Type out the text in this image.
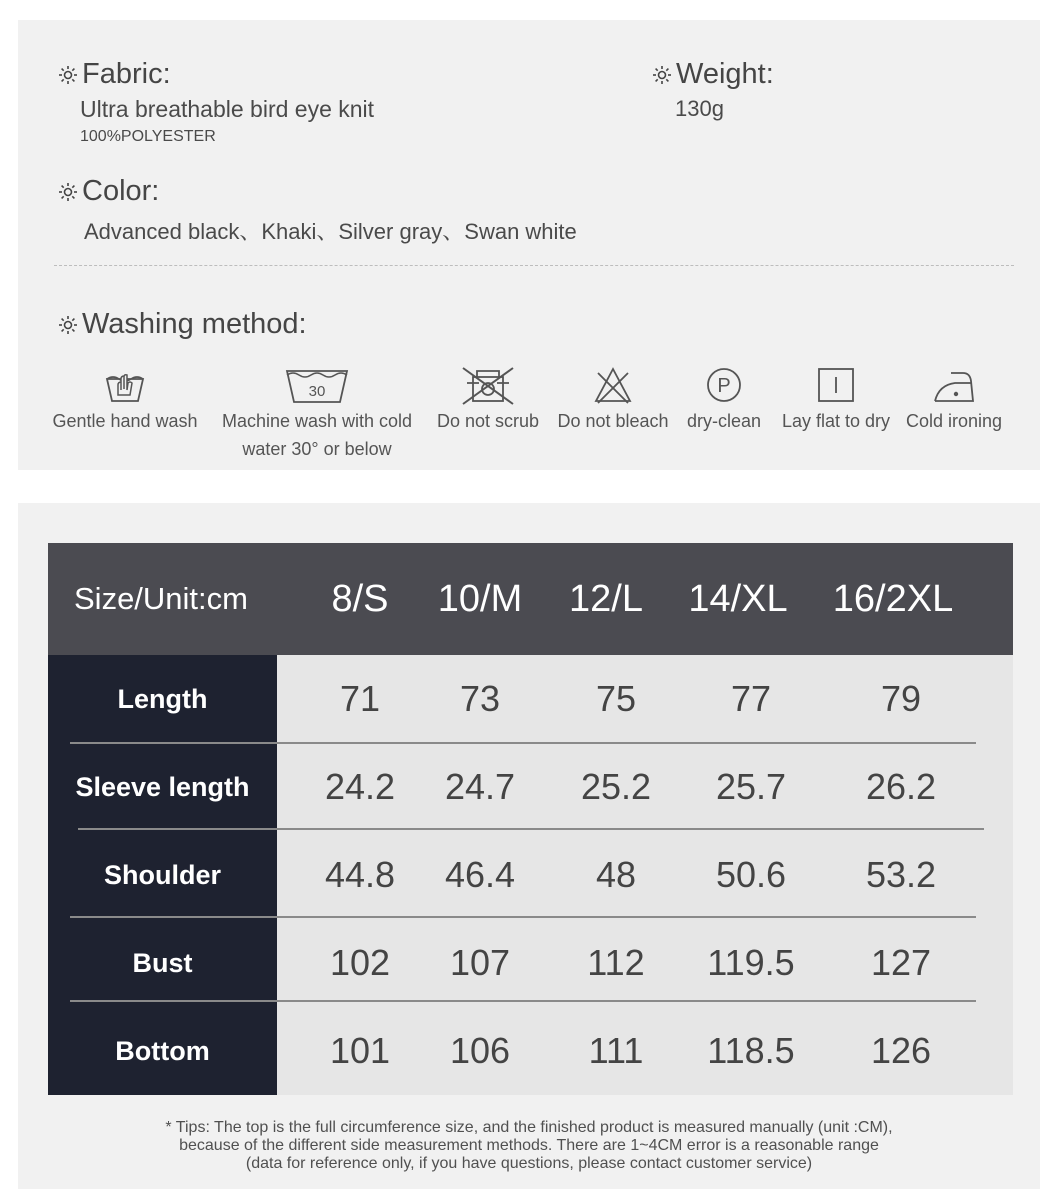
Fabric:
Ultra breathable bird eye knit
100%POLYESTER
Weight:
130g
Color:
Advanced black、Khaki、Silver gray、Swan white
Washing method:
Gentle hand wash
30
Machine wash with cold
water 30° or below
Do not scrub Do not bleach
P
dry-clean Lay flat to dry Cold ironing
Size/Unit:cm	8/S	10/M	12/L	14/XL	16/2XL
Length	71	73	75	77	79
Sleeve length	24.2	24.7	25.2	25.7	26.2
Shoulder	44.8	46.4	48	50.6	53.2
Bust	102	107	112	119.5	127
Bottom	101	106	111	118.5	126
* Tips: The top is the full circumference size, and the finished product is measured manually (unit :CM),
because of the different side measurement methods. There are 1~4CM error is a reasonable range
(data for reference only, if you have questions, please contact customer service)
